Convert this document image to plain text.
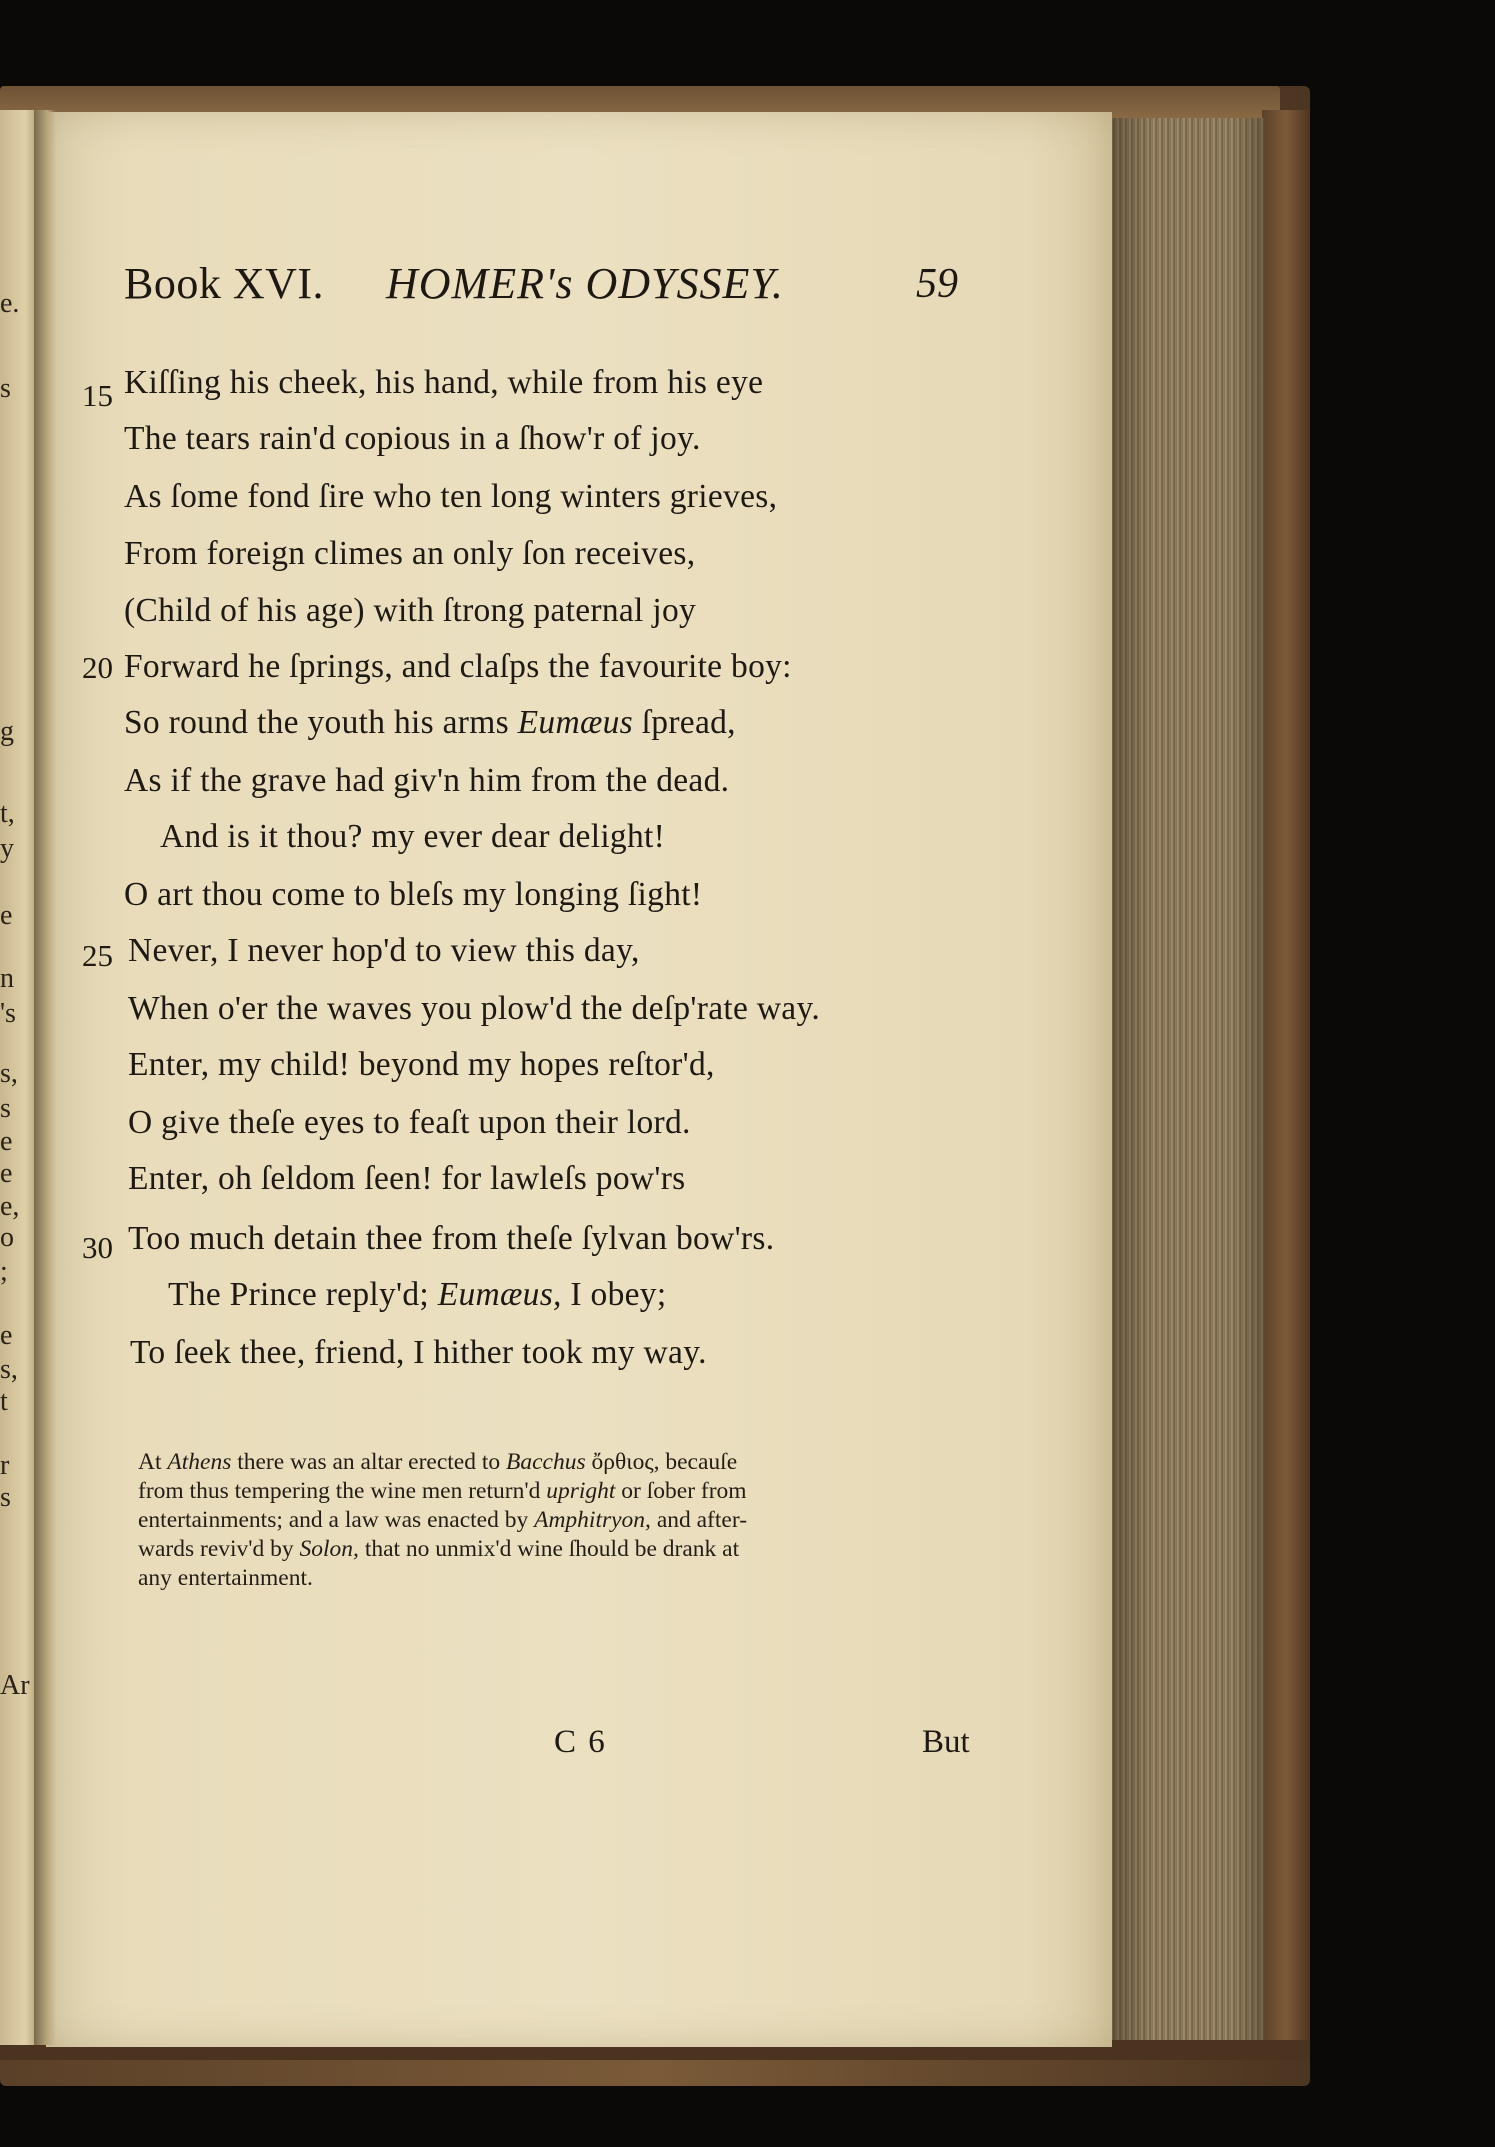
e.
s
g
t,
y
e
n
's
s,
s
e
e
e,
o
;
e
s,
t
r
s
Ar
Book XVI. HOMER's ODYSSEY.	59
15 Kiſſing his cheek, his hand, while from his eye
The tears rain'd copious in a ſhow'r of joy.
As ſome fond ſire who ten long winters grieves,
From foreign climes an only ſon receives,
(Child of his age) with ſtrong paternal joy
20 Forward he ſprings, and claſps the favourite boy:
So round the youth his arms Eumæus ſpread,
As if the grave had giv'n him from the dead.
And is it thou? my ever dear delight!
O art thou come to bleſs my longing ſight!
25 Never, I never hop'd to view this day,
When o'er the waves you plow'd the deſp'rate way.
Enter, my child! beyond my hopes reſtor'd,
O give theſe eyes to feaſt upon their lord.
Enter, oh ſeldom ſeen! for lawleſs pow'rs
30 Too much detain thee from theſe ſylvan bow'rs.
The Prince reply'd; Eumæus, I obey;
To ſeek thee, friend, I hither took my way.
At Athens there was an altar erected to Bacchus ὄρθιος, becauſe
from thus tempering the wine men return'd upright or ſober from
entertainments; and a law was enacted by Amphitryon, and after-
wards reviv'd by Solon, that no unmix'd wine ſhould be drank at
any entertainment.
C 6	But
